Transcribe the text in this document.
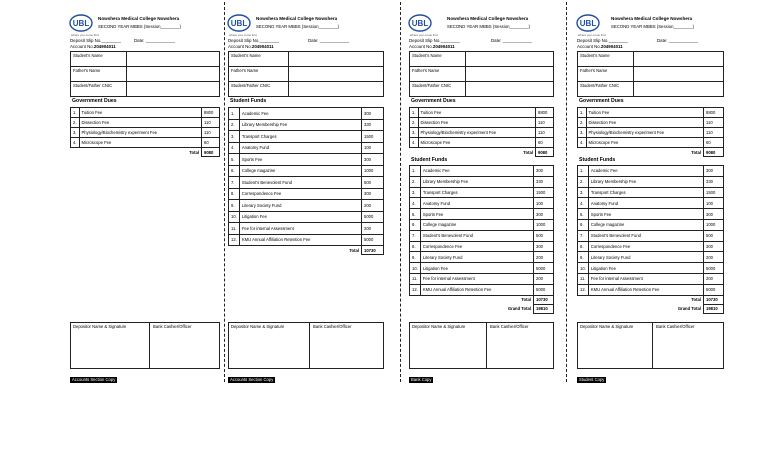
UBL
where you come first
Nowshera Medical College Nowshera
SECOND YEAR MBBS (Session________)
Deposit Slip No.________	Date: ____________
Account No.204904011
Student's Name	
Father's Name	
Student/Father CNIC	
Government Dues
1.	Tuition Fee	8800
2.	Dissection Fee	110
3.	Physiology/Biochemistry experiment Fee	110
4.	Microscope Fee	60
	Total	9080
Depositor Name & Signature	Bank Cashier/Officer
Accounts Section Copy
UBL
where you come first
Nowshera Medical College Nowshera
SECOND YEAR MBBS (Session________)
Deposit Slip No.________	Date: ____________
Account No.204904011
Student's Name	
Father's Name	
Student/Father CNIC	
Student Funds
1.	Academic Fee	300
2.	Library Membership Fee	330
3.	Transport Charges	1500
4.	Anatomy Fund	100
5.	Sports Fee	300
6.	College magazine	1000
7.	Student's Benevolent Fund	500
8.	Correspondence Fee	300
9.	Literary Society Fund	200
10.	Litigation Fee	5000
11.	Fee for internal Assessment	200
12.	KMU Annual Affiliation Retention Fee	5000
	Total	10730
Depositor Name & Signature	Bank Cashier/Officer
Accounts Section Copy
UBL
where you come first
Nowshera Medical College Nowshera
SECOND YEAR MBBS (Session________)
Deposit Slip No.________	Date: ____________
Account No.204904011
Student's Name	
Father's Name	
Student/Father CNIC	
Government Dues
1.	Tuition Fee	8800
2.	Dissection Fee	110
3.	Physiology/Biochemistry experiment Fee	110
4.	Microscope Fee	60
	Total	9080
Student Funds
1.	Academic Fee	300
2.	Library Membership Fee	330
3.	Transport Charges	1500
4.	Anatomy Fund	100
5.	Sports Fee	300
6.	College magazine	1000
7.	Student's Benevolent Fund	500
8.	Correspondence Fee	300
9.	Literary Society Fund	200
10.	Litigation Fee	5000
11.	Fee for internal Assessment	200
12.	KMU Annual Affiliation Retention Fee	5000
	Total	10730
	Grand Total	19810
Depositor Name & Signature	Bank Cashier/Officer
Bank Copy
UBL
where you come first
Nowshera Medical College Nowshera
SECOND YEAR MBBS (Session________)
Deposit Slip No.________	Date: ____________
Account No.204904011
Student's Name	
Father's Name	
Student/Father CNIC	
Government Dues
1.	Tuition Fee	8800
2.	Dissection Fee	110
3.	Physiology/Biochemistry experiment Fee	110
4.	Microscope Fee	60
	Total	9080
Student Funds
1.	Academic Fee	300
2.	Library Membership Fee	330
3.	Transport Charges	1500
4.	Anatomy Fund	100
5.	Sports Fee	300
6.	College magazine	1000
7.	Student's Benevolent Fund	500
8.	Correspondence Fee	300
9.	Literary Society Fund	200
10.	Litigation Fee	5000
11.	Fee for internal Assessment	200
12.	KMU Annual Affiliation Retention Fee	5000
	Total	10730
	Grand Total	19810
Depositor Name & Signature	Bank Cashier/Officer
Student Copy
